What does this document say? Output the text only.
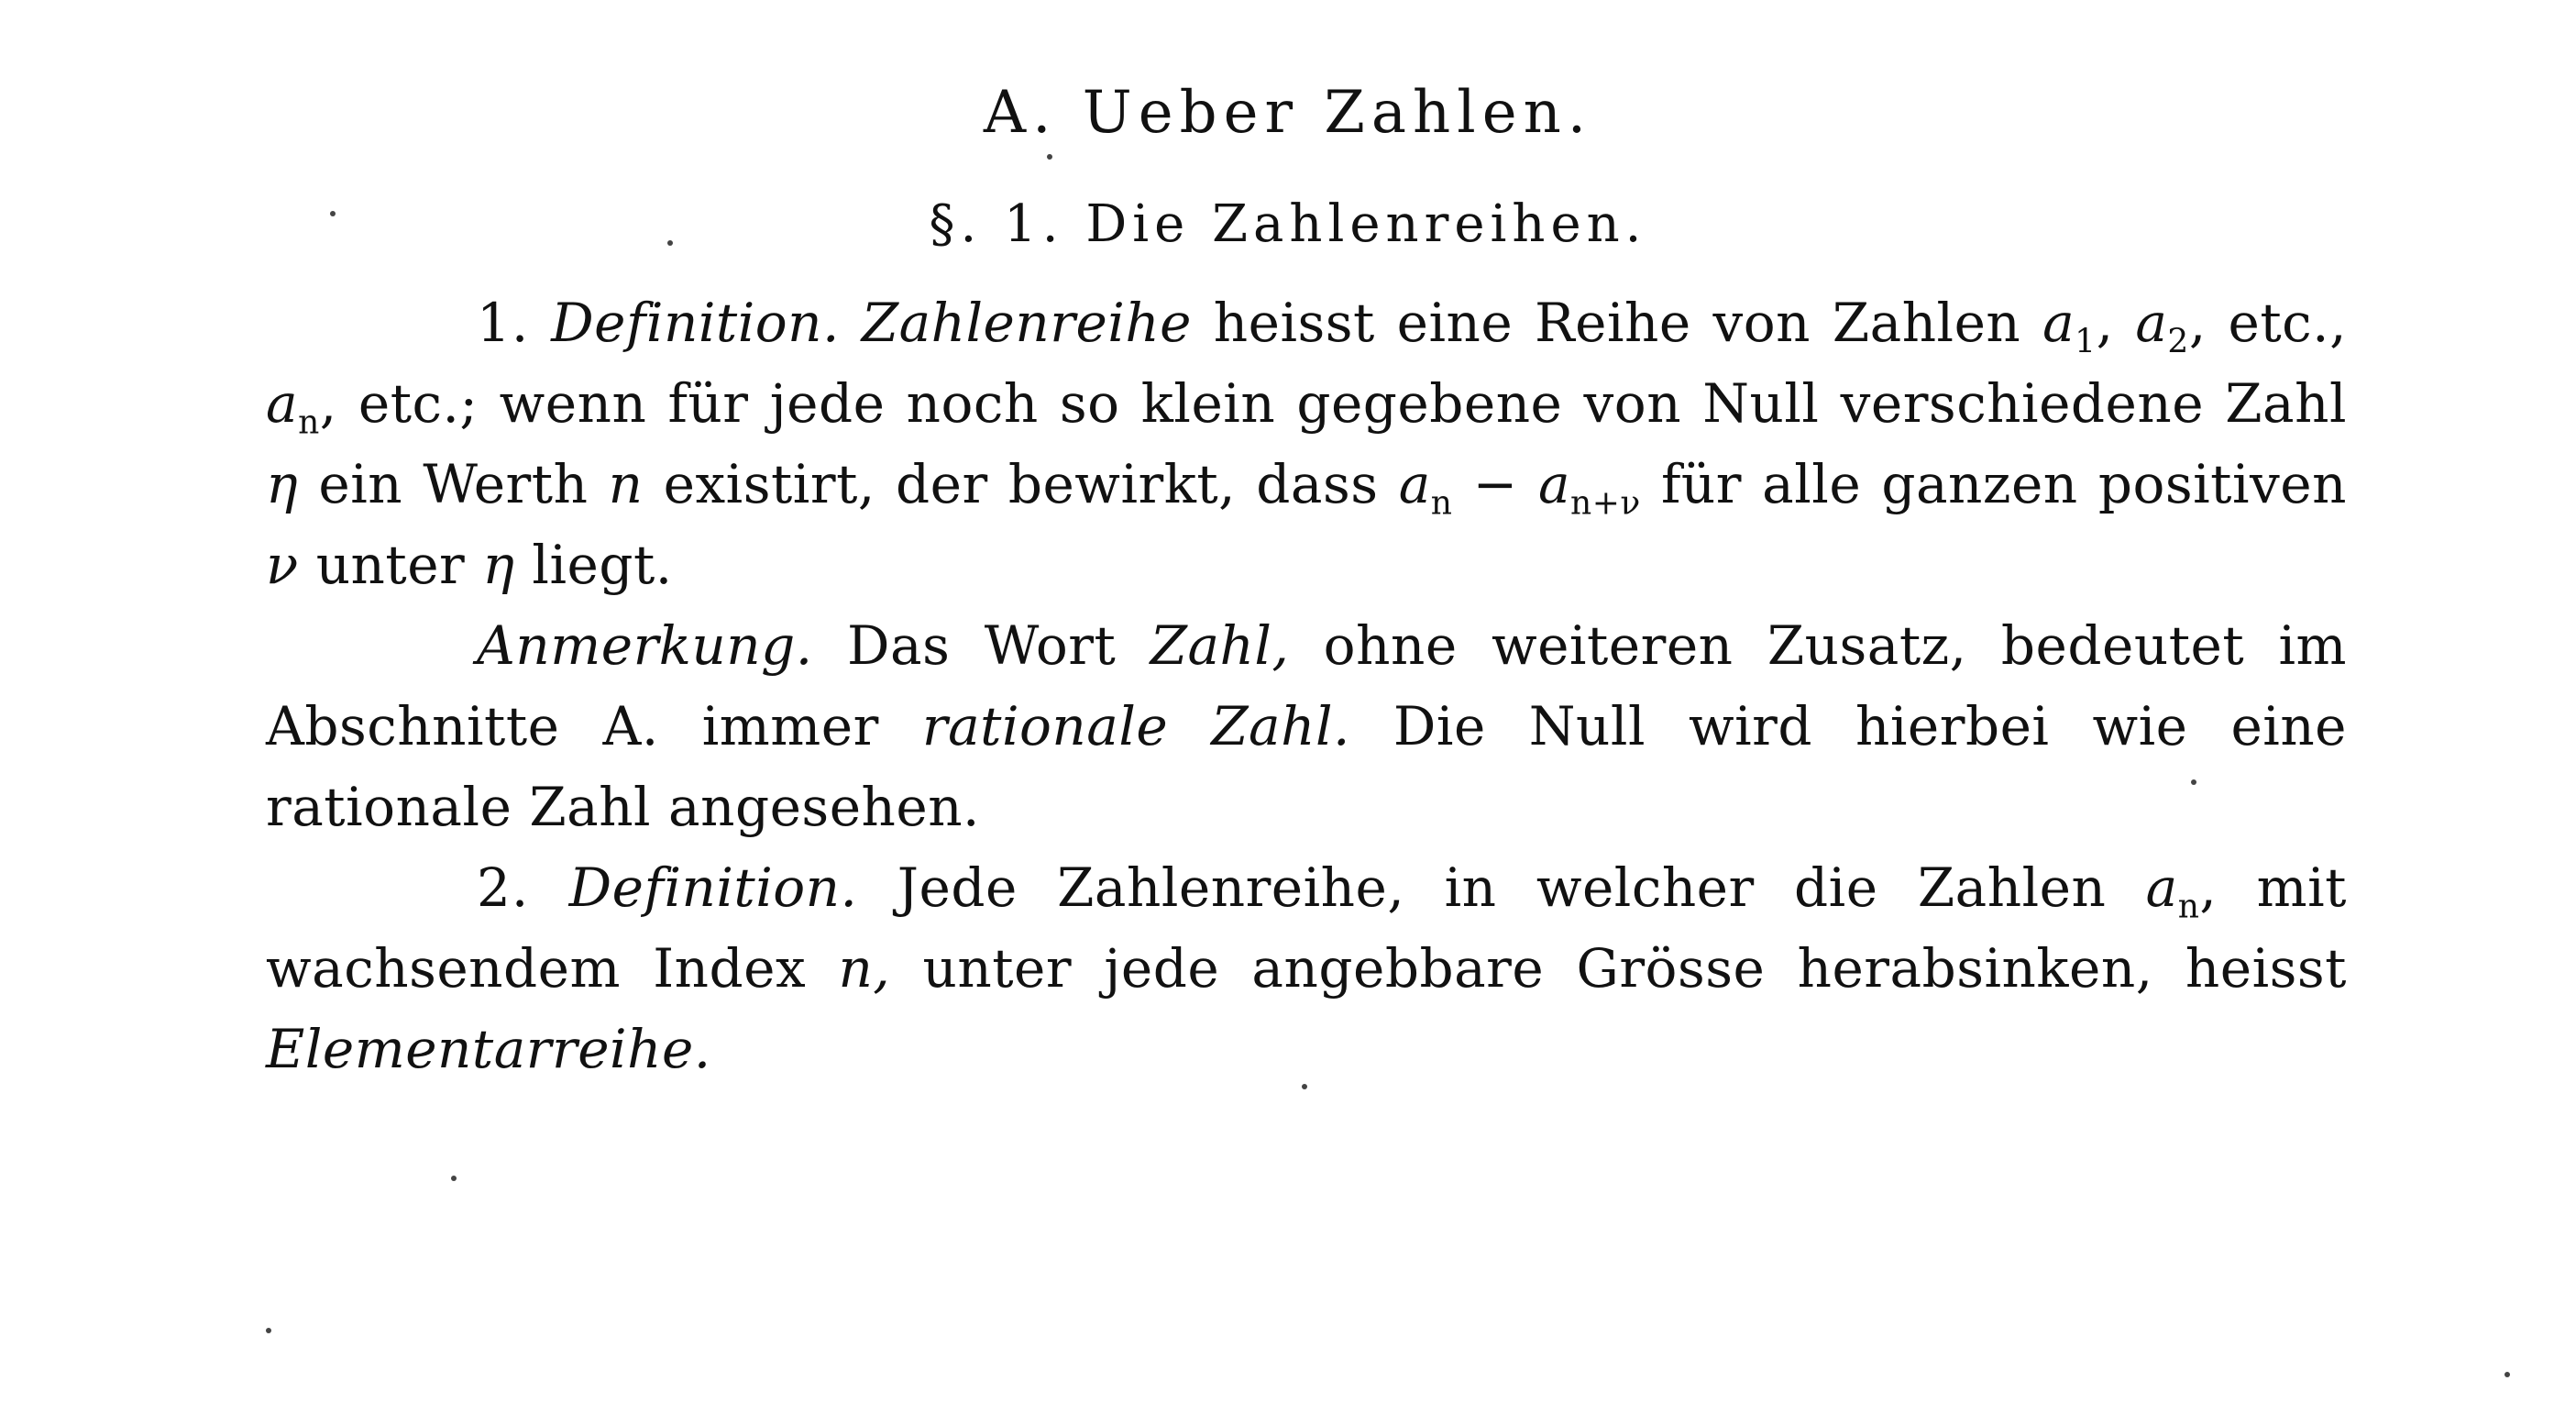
A. Ueber Zahlen.
§. 1. Die Zahlenreihen.

1. Definition. Zahlenreihe heisst eine Reihe von Zahlen $a_1$, $a_2$, etc., $a_n$, etc.; wenn für jede noch so klein gegebene von Null verschiedene Zahl η ein Werth n existirt, der bewirkt, dass $a_n - a_{n+\nu}$ für alle ganzen positiven ν unter η liegt.

Anmerkung. Das Wort Zahl, ohne weiteren Zusatz, bedeutet im Abschnitte A. immer rationale Zahl. Die Null wird hierbei wie eine rationale Zahl angesehen.

2. Definition. Jede Zahlenreihe, in welcher die Zahlen $a_n$, mit wachsendem Index n, unter jede angebbare Grösse herabsinken, heisst Elementarreihe.
